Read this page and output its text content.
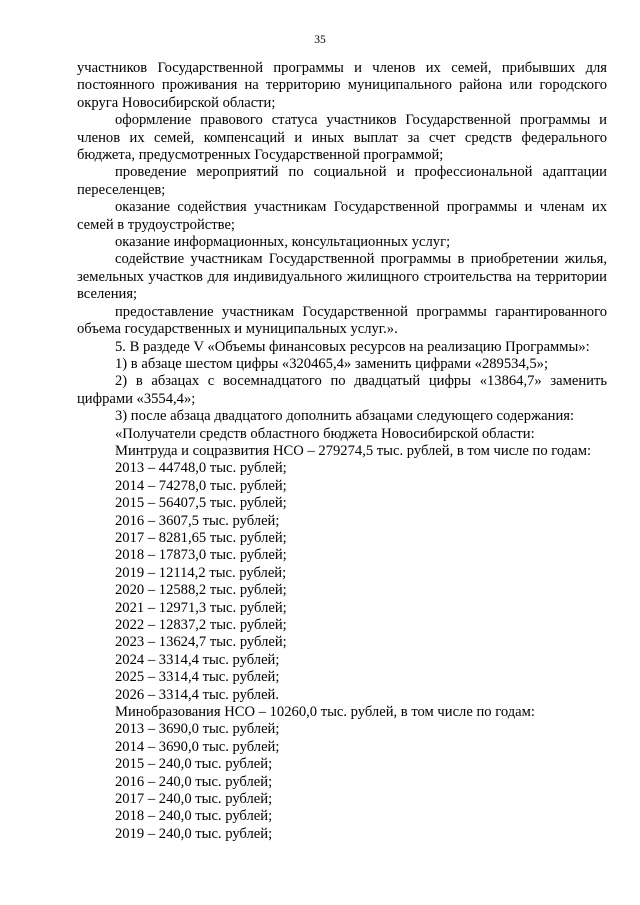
35

участников Государственной программы и членов их семей, прибывших для

постоянного проживания на территорию муниципального района или городского округа Новосибирской области;

оформление правового статуса участников Государственной программы и членов их семей, компенсаций и иных выплат за счет средств федерального бюджета, предусмотренных Государственной программой;

проведение мероприятий по социальной и профессиональной адаптации переселенцев;

оказание содействия участникам Государственной программы и членам их семей в трудоустройстве;

оказание информационных, консультационных услуг;

содействие участникам Государственной программы в приобретении жилья, земельных участков для индивидуального жилищного строительства на территории вселения;

предоставление участникам Государственной программы гарантированного объема государственных и муниципальных услуг.».

5. В раздеде V «Объемы финансовых ресурсов на реализацию Программы»:

1) в абзаце шестом цифры «320465,4» заменить цифрами «289534,5»;

2) в абзацах с восемнадцатого по двадцатый цифры «13864,7» заменить цифрами «3554,4»;

3) после абзаца двадцатого дополнить абзацами следующего содержания:

«Получатели средств областного бюджета Новосибирской области:

Минтруда и соцразвития НСО – 279274,5 тыс. рублей, в том числе по годам:

2013 – 44748,0 тыс. рублей;

2014 – 74278,0 тыс. рублей;

2015 – 56407,5 тыс. рублей;

2016 – 3607,5 тыс. рублей;

2017 – 8281,65 тыс. рублей;

2018 – 17873,0 тыс. рублей;

2019 – 12114,2 тыс. рублей;

2020 – 12588,2 тыс. рублей;

2021 – 12971,3 тыс. рублей;

2022 – 12837,2 тыс. рублей;

2023 – 13624,7 тыс. рублей;

2024 – 3314,4 тыс. рублей;

2025 – 3314,4 тыс. рублей;

2026 – 3314,4 тыс. рублей.

Минобразования НСО – 10260,0 тыс. рублей, в том числе по годам:

2013 – 3690,0 тыс. рублей;

2014 – 3690,0 тыс. рублей;

2015 – 240,0 тыс. рублей;

2016 – 240,0 тыс. рублей;

2017 – 240,0 тыс. рублей;

2018 – 240,0 тыс. рублей;

2019 – 240,0 тыс. рублей;
